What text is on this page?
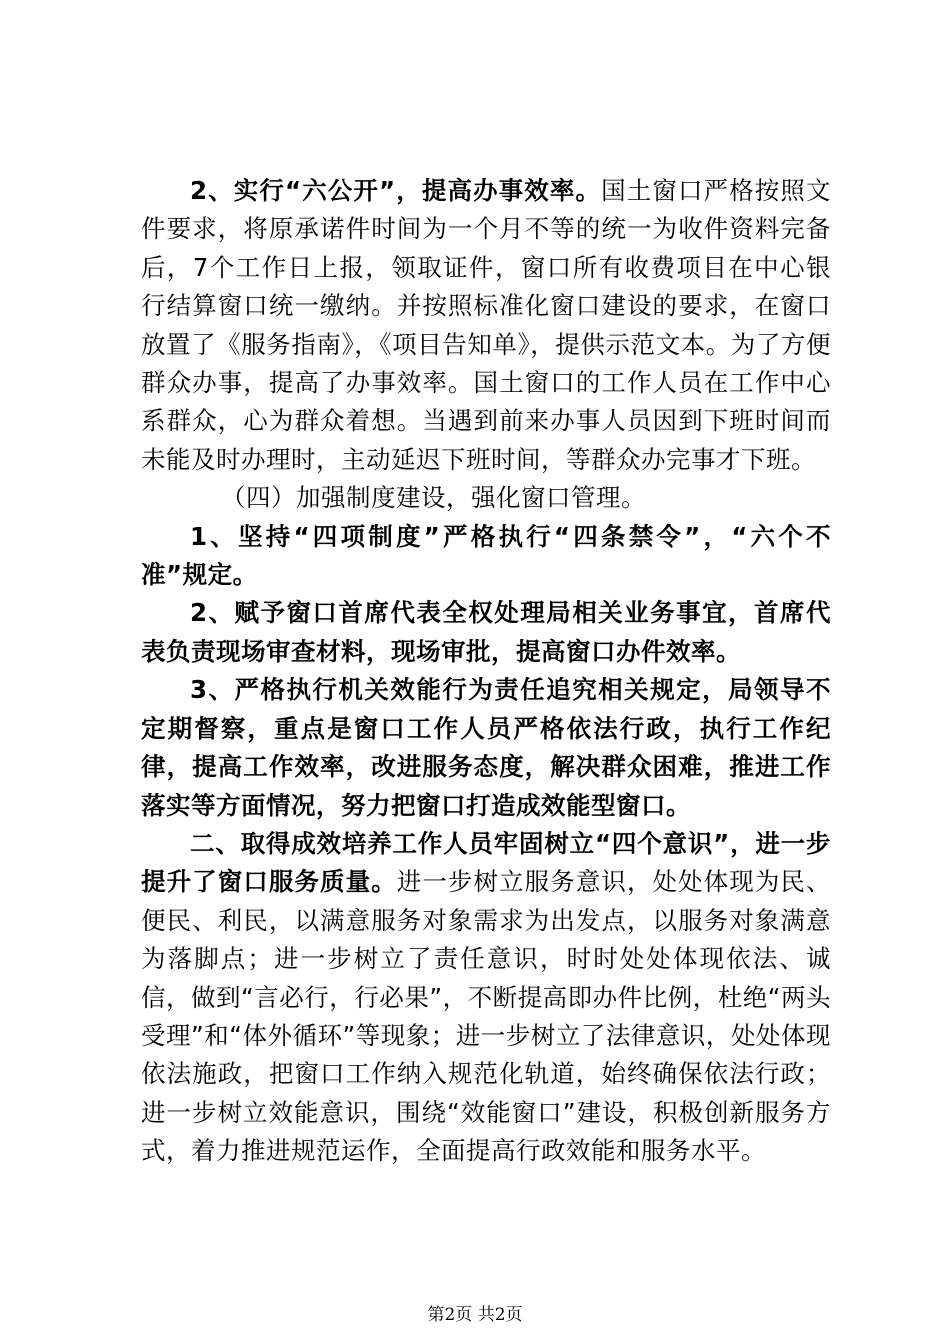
2、实行“六公开”，提高办事效率。国土窗口严格按照文件要求，将原承诺件时间为一个月不等的统一为收件资料完备后，7个工作日上报，领取证件，窗口所有收费项目在中心银行结算窗口统一缴纳。并按照标准化窗口建设的要求，在窗口放置了《服务指南》，《项目告知单》，提供示范文本。为了方便群众办事，提高了办事效率。国土窗口的工作人员在工作中心系群众，心为群众着想。当遇到前来办事人员因到下班时间而未能及时办理时，主动延迟下班时间，等群众办完事才下班。

（四）加强制度建设，强化窗口管理。

1、坚持“四项制度”严格执行“四条禁令”，“六个不准”规定。

2、赋予窗口首席代表全权处理局相关业务事宜，首席代表负责现场审查材料，现场审批，提高窗口办件效率。

3、严格执行机关效能行为责任追究相关规定，局领导不定期督察，重点是窗口工作人员严格依法行政，执行工作纪律，提高工作效率，改进服务态度，解决群众困难，推进工作落实等方面情况，努力把窗口打造成效能型窗口。

二、取得成效培养工作人员牢固树立“四个意识”，进一步提升了窗口服务质量。进一步树立服务意识，处处体现为民、便民、利民，以满意服务对象需求为出发点，以服务对象满意为落脚点；进一步树立了责任意识，时时处处体现依法、诚信，做到“言必行，行必果”，不断提高即办件比例，杜绝“两头受理”和“体外循环”等现象；进一步树立了法律意识，处处体现依法施政，把窗口工作纳入规范化轨道，始终确保依法行政；进一步树立效能意识，围绕“效能窗口”建设，积极创新服务方式，着力推进规范运作，全面提高行政效能和服务水平。

第2页 共2页
